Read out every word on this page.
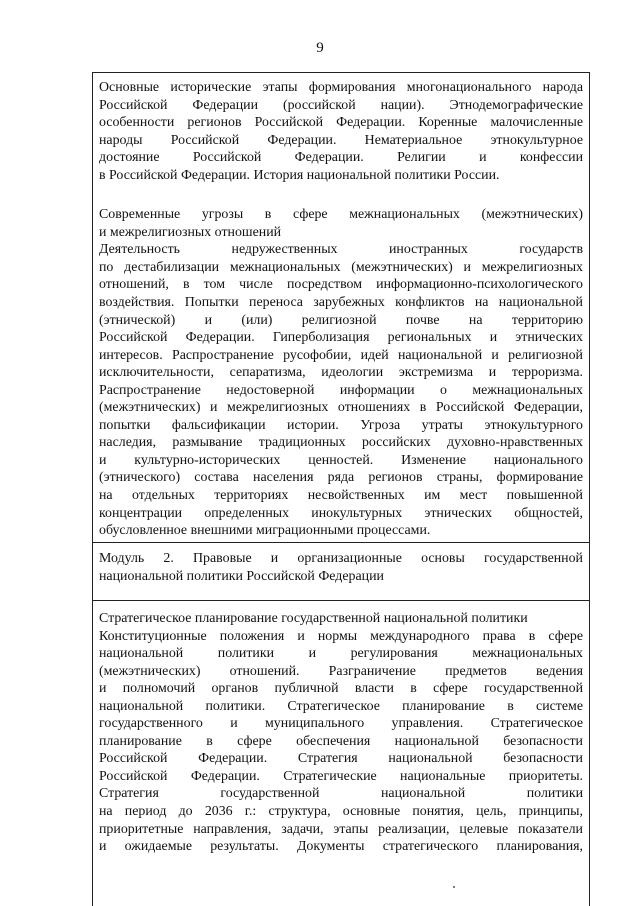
9

Основные исторические этапы формирования многонационального народа
Российской Федерации (российской нации). Этнодемографические
особенности регионов Российской Федерации. Коренные малочисленные
народы Российской Федерации. Нематериальное этнокультурное
достояние Российской Федерации. Религии и конфессии
в Российской Федерации. История национальной политики России.

Современные угрозы в сфере межнациональных (межэтнических)
и межрелигиозных отношений

Деятельность недружественных иностранных государств
по дестабилизации межнациональных (межэтнических) и межрелигиозных
отношений, в том числе посредством информационно-психологического
воздействия. Попытки переноса зарубежных конфликтов на национальной
(этнической) и (или) религиозной почве на территорию
Российской Федерации. Гиперболизация региональных и этнических
интересов. Распространение русофобии, идей национальной и религиозной
исключительности, сепаратизма, идеологии экстремизма и терроризма.
Распространение недостоверной информации о межнациональных
(межэтнических) и межрелигиозных отношениях в Российской Федерации,
попытки фальсификации истории. Угроза утраты этнокультурного
наследия, размывание традиционных российских духовно-нравственных
и культурно-исторических ценностей. Изменение национального
(этнического) состава населения ряда регионов страны, формирование
на отдельных территориях несвойственных им мест повышенной
концентрации определенных инокультурных этнических общностей,
обусловленное внешними миграционными процессами.

Модуль 2. Правовые и организационные основы государственной
национальной политики Российской Федерации

Стратегическое планирование государственной национальной политики
Конституционные положения и нормы международного права в сфере
национальной политики и регулирования межнациональных
(межэтнических) отношений. Разграничение предметов ведения
и полномочий органов публичной власти в сфере государственной
национальной политики. Стратегическое планирование в системе
государственного и муниципального управления. Стратегическое
планирование в сфере обеспечения национальной безопасности
Российской Федерации. Стратегия национальной безопасности
Российской Федерации. Стратегические национальные приоритеты.
Стратегия государственной национальной политики
на период до 2036 г.: структура, основные понятия, цель, принципы,
приоритетные направления, задачи, этапы реализации, целевые показатели
и ожидаемые результаты. Документы стратегического планирования,
